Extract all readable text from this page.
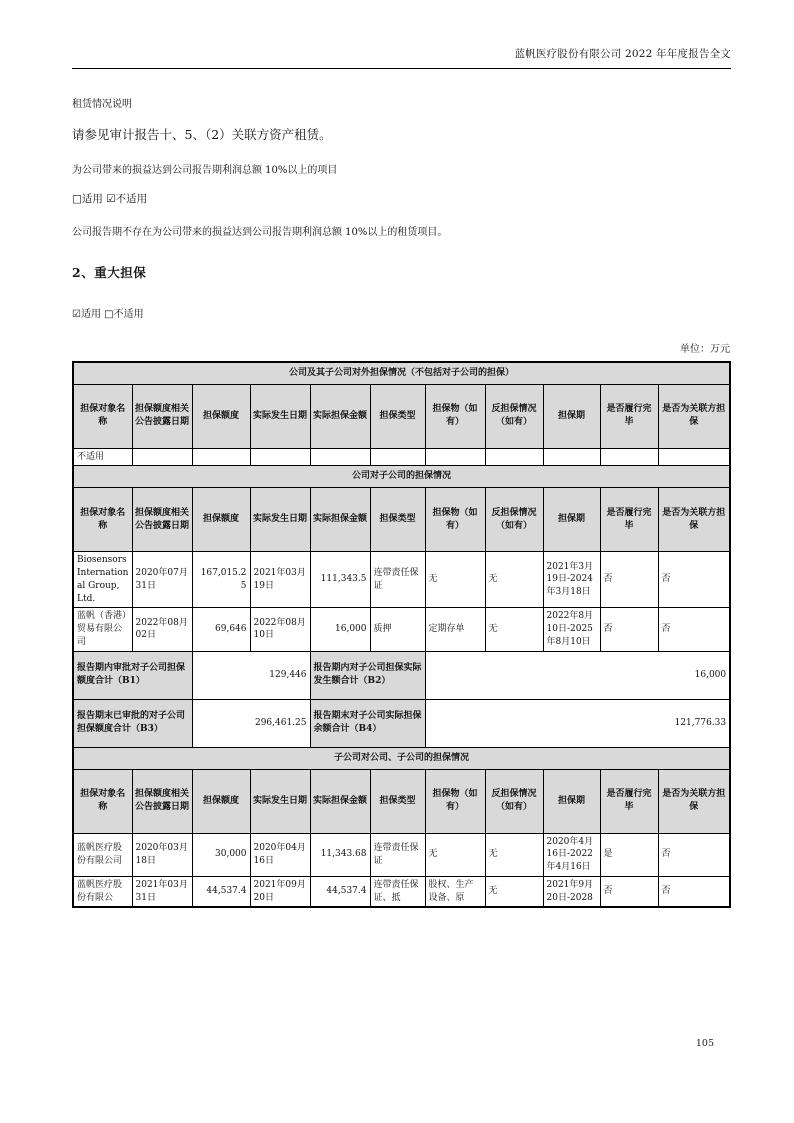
蓝帆医疗股份有限公司 2022 年年度报告全文

租赁情况说明

请参见审计报告十、5、（2）关联方资产租赁。

为公司带来的损益达到公司报告期利润总额 10%以上的项目

□适用 ☑不适用

公司报告期不存在为公司带来的损益达到公司报告期利润总额 10%以上的租赁项目。

2、重大担保

☑适用 □不适用

单位：万元
公司及其子公司对外担保情况（不包括对子公司的担保）										
担保对象名称	担保额度相关公告披露日期	担保额度	实际发生日期	实际担保金额	担保类型	担保物（如有）	反担保情况（如有）	担保期	是否履行完毕	是否为关联方担保
不适用										
公司对子公司的担保情况										
担保对象名称	担保额度相关公告披露日期	担保额度	实际发生日期	实际担保金额	担保类型	担保物（如有）	反担保情况（如有）	担保期	是否履行完毕	是否为关联方担保
Biosensors International Group, Ltd.	2020年07月31日	167,015.25	2021年03月19日	111,343.5	连带责任保证	无	无	2021年3月19日-2024年3月18日	否	否
蓝帆（香港）贸易有限公司	2022年08月02日	69,646	2022年08月10日	16,000	质押	定期存单	无	2022年8月10日-2025年8月10日	否	否
报告期内审批对子公司担保额度合计（B1）		129,446		报告期内对子公司担保实际发生额合计（B2）		16,000				
报告期末已审批的对子公司担保额度合计（B3）		296,461.25		报告期末对子公司实际担保余额合计（B4）		121,776.33				
子公司对公司、子公司的担保情况										
担保对象名称	担保额度相关公告披露日期	担保额度	实际发生日期	实际担保金额	担保类型	担保物（如有）	反担保情况（如有）	担保期	是否履行完毕	是否为关联方担保
蓝帆医疗股份有限公司	2020年03月18日	30,000	2020年04月16日	11,343.68	连带责任保证	无	无	2020年4月16日-2022年4月16日	是	否
蓝帆医疗股份有限公	2021年03月31日	44,537.4	2021年09月20日	44,537.4	连带责任保证、抵	股权、生产设备、原	无	2021年9月20日-2028	否	否
105
